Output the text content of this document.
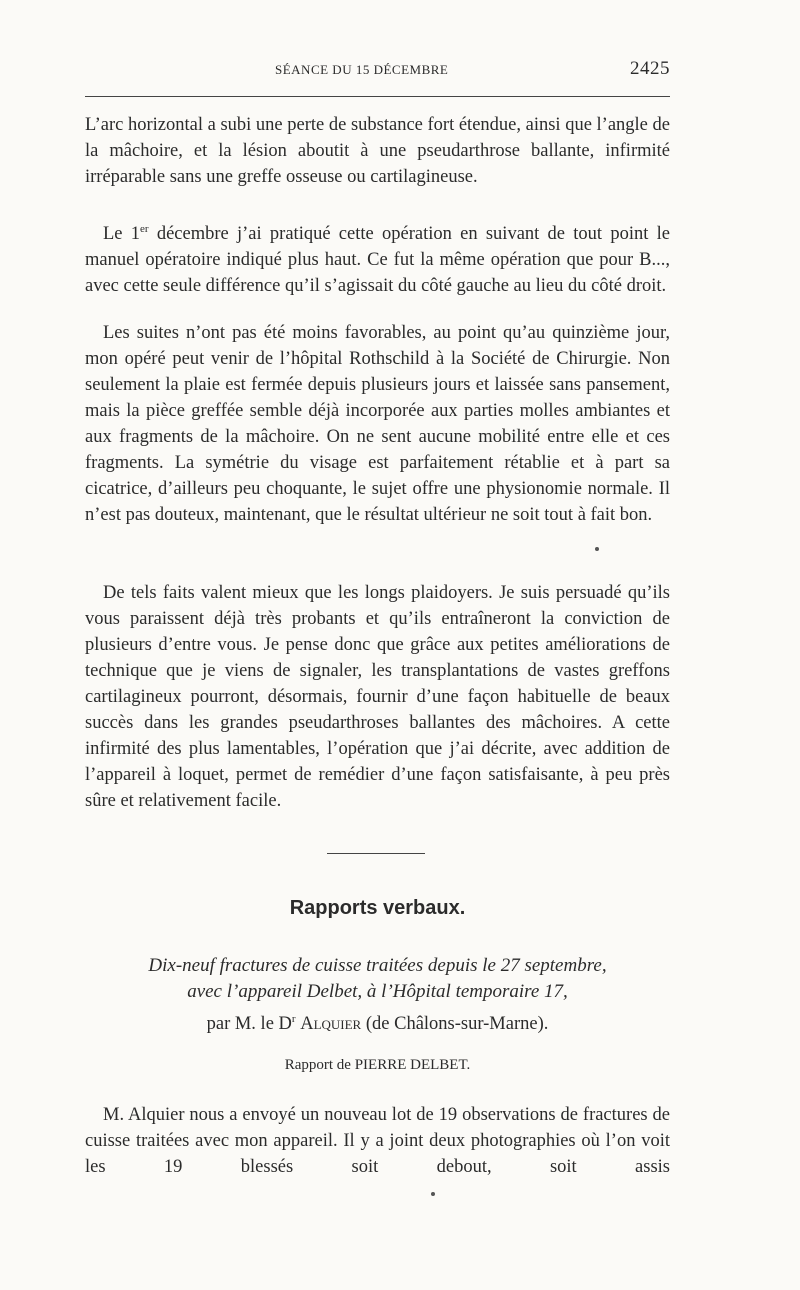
SÉANCE DU 15 DÉCEMBRE	2425

L’arc horizontal a subi une perte de substance fort étendue, ainsi que l’angle de la mâchoire, et la lésion aboutit à une pseudarthrose ballante, infirmité irréparable sans une greffe osseuse ou cartilagineuse.

Le 1er décembre j’ai pratiqué cette opération en suivant de tout point le manuel opératoire indiqué plus haut. Ce fut la même opération que pour B..., avec cette seule différence qu’il s’agissait du côté gauche au lieu du côté droit.

Les suites n’ont pas été moins favorables, au point qu’au quinzième jour, mon opéré peut venir de l’hôpital Rothschild à la Société de Chirurgie. Non seulement la plaie est fermée depuis plusieurs jours et laissée sans pansement, mais la pièce greffée semble déjà incorporée aux parties molles ambiantes et aux fragments de la mâchoire. On ne sent aucune mobilité entre elle et ces fragments. La symétrie du visage est parfaitement rétablie et à part sa cicatrice, d’ailleurs peu choquante, le sujet offre une physionomie normale. Il n’est pas douteux, maintenant, que le résultat ultérieur ne soit tout à fait bon.

De tels faits valent mieux que les longs plaidoyers. Je suis persuadé qu’ils vous paraissent déjà très probants et qu’ils entraîneront la conviction de plusieurs d’entre vous. Je pense donc que grâce aux petites améliorations de technique que je viens de signaler, les transplantations de vastes greffons cartilagineux pourront, désormais, fournir d’une façon habituelle de beaux succès dans les grandes pseudarthroses ballantes des mâchoires. A cette infirmité des plus lamentables, l’opération que j’ai décrite, avec addition de l’appareil à loquet, permet de remédier d’une façon satisfaisante, à peu près sûre et relativement facile.

Rapports verbaux.
Dix-neuf fractures de cuisse traitées depuis le 27 septembre,
avec l’appareil Delbet, à l’Hôpital temporaire 17,
par M. le $D^r$ Alquier (de Châlons-sur-Marne).
Rapport de PIERRE DELBET.

M. Alquier nous a envoyé un nouveau lot de 19 observations de fractures de cuisse traitées avec mon appareil. Il y a joint deux photographies où l’on voit les 19 blessés soit debout, soit assis
